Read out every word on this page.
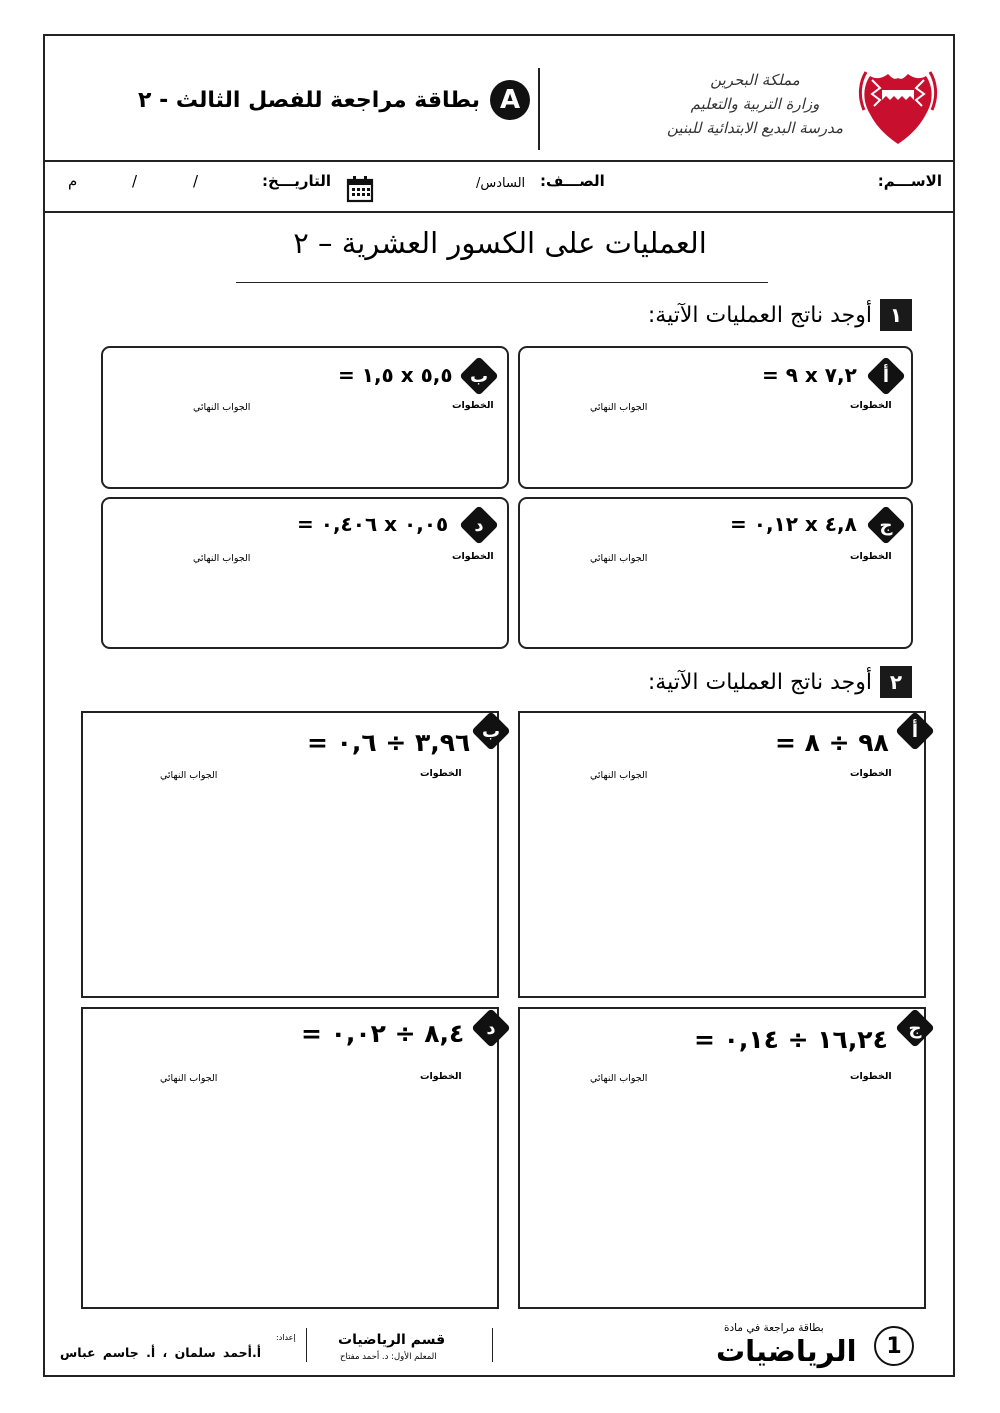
بطاقة مراجعة للفصل الثالث - ٢ A
مملكة البحرين
وزارة التربية والتعليم
مدرسة البديع الابتدائية للبنين
الاســـم:
السادس/ الصـــف:
التاريـــخ:
/
/
م
العمليات على الكسور العشرية – ٢
١
أوجد ناتج العمليات الآتية:
أ
٧,٢ x ٩ =
الخطوات
الجواب النهائي
ب
٥,٥ x ١,٥ =
الخطوات
الجواب النهائي
ج
٤,٨ x ٠,١٢ =
الخطوات
الجواب النهائي
د
٠,٠٥ x ٠,٤٠٦ =
الخطوات
الجواب النهائي
٢
أوجد ناتج العمليات الآتية:
أ
٩٨ ÷ ٨ =
الخطوات
الجواب النهائي
ب
٣,٩٦ ÷ ٠,٦ =
الخطوات
الجواب النهائي
ج
١٦,٢٤ ÷ ٠,١٤ =
الخطوات
الجواب النهائي
د
٨,٤ ÷ ٠,٠٢ =
الخطوات
الجواب النهائي
1
بطاقة مراجعة في مادة
الرياضيات
قسم الرياضيات
المعلم الأول: د. أحمد مفتاح
إعداد:
أ.أحمد سلمان ، أ. جاسم عباس
